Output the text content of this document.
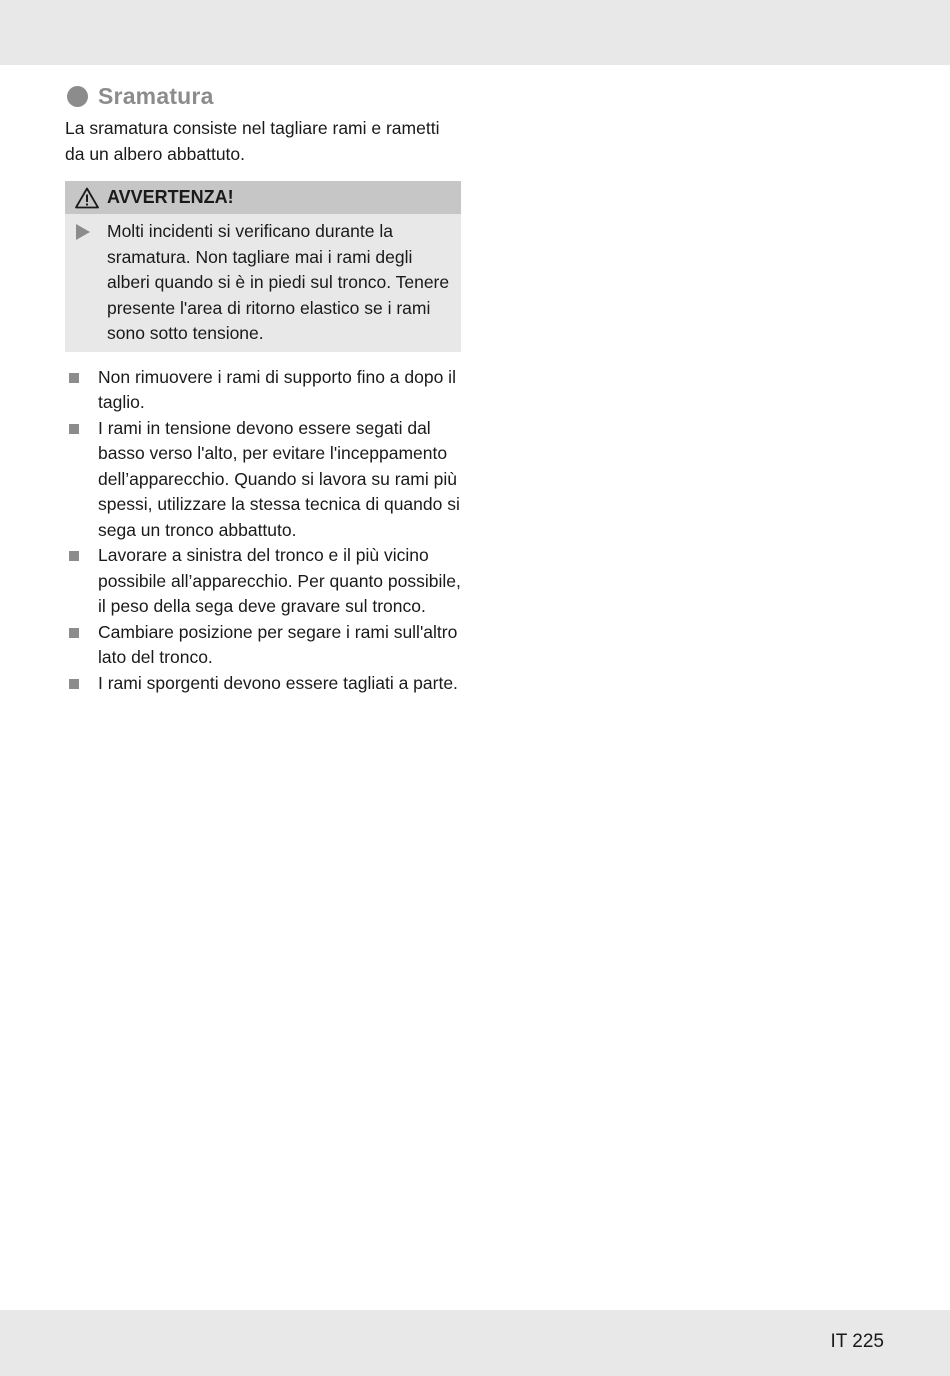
Sramatura
La sramatura consiste nel tagliare rami e rametti da un albero abbattuto.
AVVERTENZA!
Molti incidenti si verificano durante la sramatura. Non tagliare mai i rami degli alberi quando si è in piedi sul tronco. Tenere presente l'area di ritorno elastico se i rami sono sotto tensione.
Non rimuovere i rami di supporto fino a dopo il taglio.
I rami in tensione devono essere segati dal basso verso l'alto, per evitare l'inceppamento dell’apparecchio. Quando si lavora su rami più spessi, utilizzare la stessa tecnica di quando si sega un tronco abbattuto.
Lavorare a sinistra del tronco e il più vicino possibile all’apparecchio. Per quanto possibile, il peso della sega deve gravare sul tronco.
Cambiare posizione per segare i rami sull'altro lato del tronco.
I rami sporgenti devono essere tagliati a parte.
IT 225
